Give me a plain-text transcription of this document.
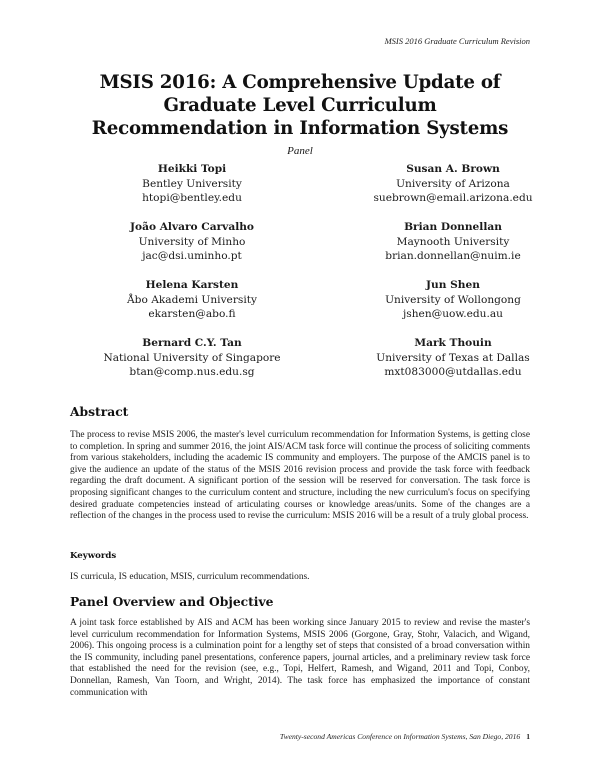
MSIS 2016 Graduate Curriculum Revision
MSIS 2016: A Comprehensive Update of
Graduate Level Curriculum
Recommendation in Information Systems
Panel
Heikki Topi
Bentley University
htopi@bentley.edu
Susan A. Brown
University of Arizona
suebrown@email.arizona.edu
João Alvaro Carvalho
University of Minho
jac@dsi.uminho.pt
Brian Donnellan
Maynooth University
brian.donnellan@nuim.ie
Helena Karsten
Åbo Akademi University
ekarsten@abo.fi
Jun Shen
University of Wollongong
jshen@uow.edu.au
Bernard C.Y. Tan
National University of Singapore
btan@comp.nus.edu.sg
Mark Thouin
University of Texas at Dallas
mxt083000@utdallas.edu
Abstract
The process to revise MSIS 2006, the master's level curriculum recommendation for Information Systems, is getting close to completion. In spring and summer 2016, the joint AIS/ACM task force will continue the process of soliciting comments from various stakeholders, including the academic IS community and employers. The purpose of the AMCIS panel is to give the audience an update of the status of the MSIS 2016 revision process and provide the task force with feedback regarding the draft document. A significant portion of the session will be reserved for conversation. The task force is proposing significant changes to the curriculum content and structure, including the new curriculum's focus on specifying desired graduate competencies instead of articulating courses or knowledge areas/units. Some of the changes are a reflection of the changes in the process used to revise the curriculum: MSIS 2016 will be a result of a truly global process.
Keywords
IS curricula, IS education, MSIS, curriculum recommendations.
Panel Overview and Objective
A joint task force established by AIS and ACM has been working since January 2015 to review and revise the master's level curriculum recommendation for Information Systems, MSIS 2006 (Gorgone, Gray, Stohr, Valacich, and Wigand, 2006). This ongoing process is a culmination point for a lengthy set of steps that consisted of a broad conversation within the IS community, including panel presentations, conference papers, journal articles, and a preliminary review task force that established the need for the revision (see, e.g., Topi, Helfert, Ramesh, and Wigand, 2011 and Topi, Conboy, Donnellan, Ramesh, Van Toorn, and Wright, 2014). The task force has emphasized the importance of constant communication with
Twenty-second Americas Conference on Information Systems, San Diego, 2016 1
